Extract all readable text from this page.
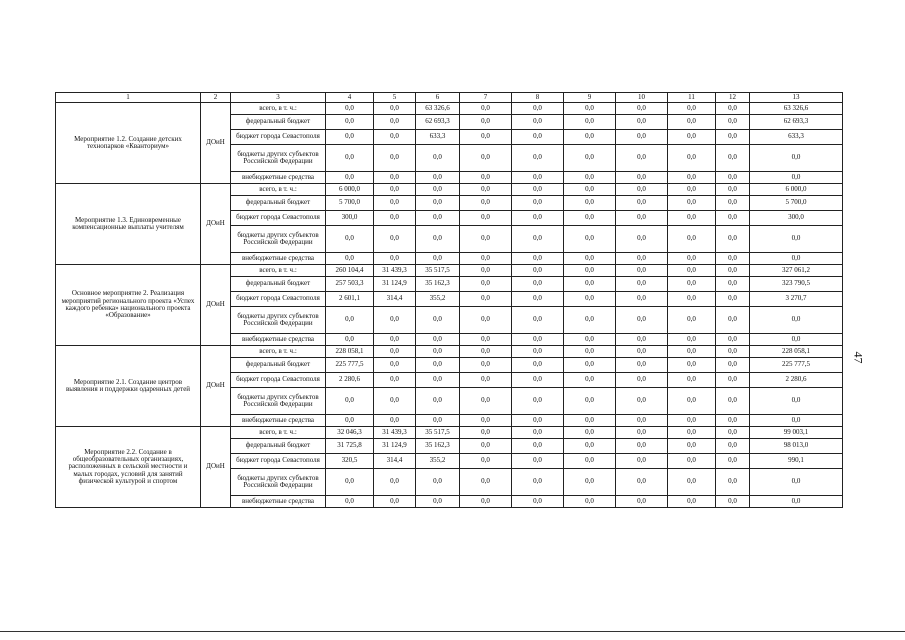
1	2	3	4	5	6	7	8	9	10	11	12	13
Мероприятие 1.2. Создание детских технопарков «Кванториум»	ДОиН	всего, в т. ч.:	0,0	0,0	63 326,6	0,0	0,0	0,0	0,0	0,0	0,0	63 326,6
		федеральный бюджет	0,0	0,0	62 693,3	0,0	0,0	0,0	0,0	0,0	0,0	62 693,3
		бюджет города Севастополя	0,0	0,0	633,3	0,0	0,0	0,0	0,0	0,0	0,0	633,3
		бюджеты других субъектов Российской Федерации	0,0	0,0	0,0	0,0	0,0	0,0	0,0	0,0	0,0	0,0
		внебюджетные средства	0,0	0,0	0,0	0,0	0,0	0,0	0,0	0,0	0,0	0,0
Мероприятие 1.3. Единовременные компенсационные выплаты учителям	ДОиН	всего, в т. ч.:	6 000,0	0,0	0,0	0,0	0,0	0,0	0,0	0,0	0,0	6 000,0
		федеральный бюджет	5 700,0	0,0	0,0	0,0	0,0	0,0	0,0	0,0	0,0	5 700,0
		бюджет города Севастополя	300,0	0,0	0,0	0,0	0,0	0,0	0,0	0,0	0,0	300,0
		бюджеты других субъектов Российской Федерации	0,0	0,0	0,0	0,0	0,0	0,0	0,0	0,0	0,0	0,0
		внебюджетные средства	0,0	0,0	0,0	0,0	0,0	0,0	0,0	0,0	0,0	0,0
Основное мероприятие 2. Реализация мероприятий регионального проекта «Успех каждого ребенка» национального проекта «Образование»	ДОиН	всего, в т. ч.:	260 104,4	31 439,3	35 517,5	0,0	0,0	0,0	0,0	0,0	0,0	327 061,2
		федеральный бюджет	257 503,3	31 124,9	35 162,3	0,0	0,0	0,0	0,0	0,0	0,0	323 790,5
		бюджет города Севастополя	2 601,1	314,4	355,2	0,0	0,0	0,0	0,0	0,0	0,0	3 270,7
		бюджеты других субъектов Российской Федерации	0,0	0,0	0,0	0,0	0,0	0,0	0,0	0,0	0,0	0,0
		внебюджетные средства	0,0	0,0	0,0	0,0	0,0	0,0	0,0	0,0	0,0	0,0
Мероприятие 2.1. Создание центров выявления и поддержки одаренных детей	ДОиН	всего, в т. ч.:	228 058,1	0,0	0,0	0,0	0,0	0,0	0,0	0,0	0,0	228 058,1
		федеральный бюджет	225 777,5	0,0	0,0	0,0	0,0	0,0	0,0	0,0	0,0	225 777,5
		бюджет города Севастополя	2 280,6	0,0	0,0	0,0	0,0	0,0	0,0	0,0	0,0	2 280,6
		бюджеты других субъектов Российской Федерации	0,0	0,0	0,0	0,0	0,0	0,0	0,0	0,0	0,0	0,0
		внебюджетные средства	0,0	0,0	0,0	0,0	0,0	0,0	0,0	0,0	0,0	0,0
Мероприятие 2.2. Создание в общеобразовательных организациях, расположенных в сельской местности и малых городах, условий для занятий физической культурой и спортом	ДОиН	всего, в т. ч.:	32 046,3	31 439,3	35 517,5	0,0	0,0	0,0	0,0	0,0	0,0	99 003,1
		федеральный бюджет	31 725,8	31 124,9	35 162,3	0,0	0,0	0,0	0,0	0,0	0,0	98 013,0
		бюджет города Севастополя	320,5	314,4	355,2	0,0	0,0	0,0	0,0	0,0	0,0	990,1
		бюджеты других субъектов Российской Федерации	0,0	0,0	0,0	0,0	0,0	0,0	0,0	0,0	0,0	0,0
		внебюджетные средства	0,0	0,0	0,0	0,0	0,0	0,0	0,0	0,0	0,0	0,0
47
